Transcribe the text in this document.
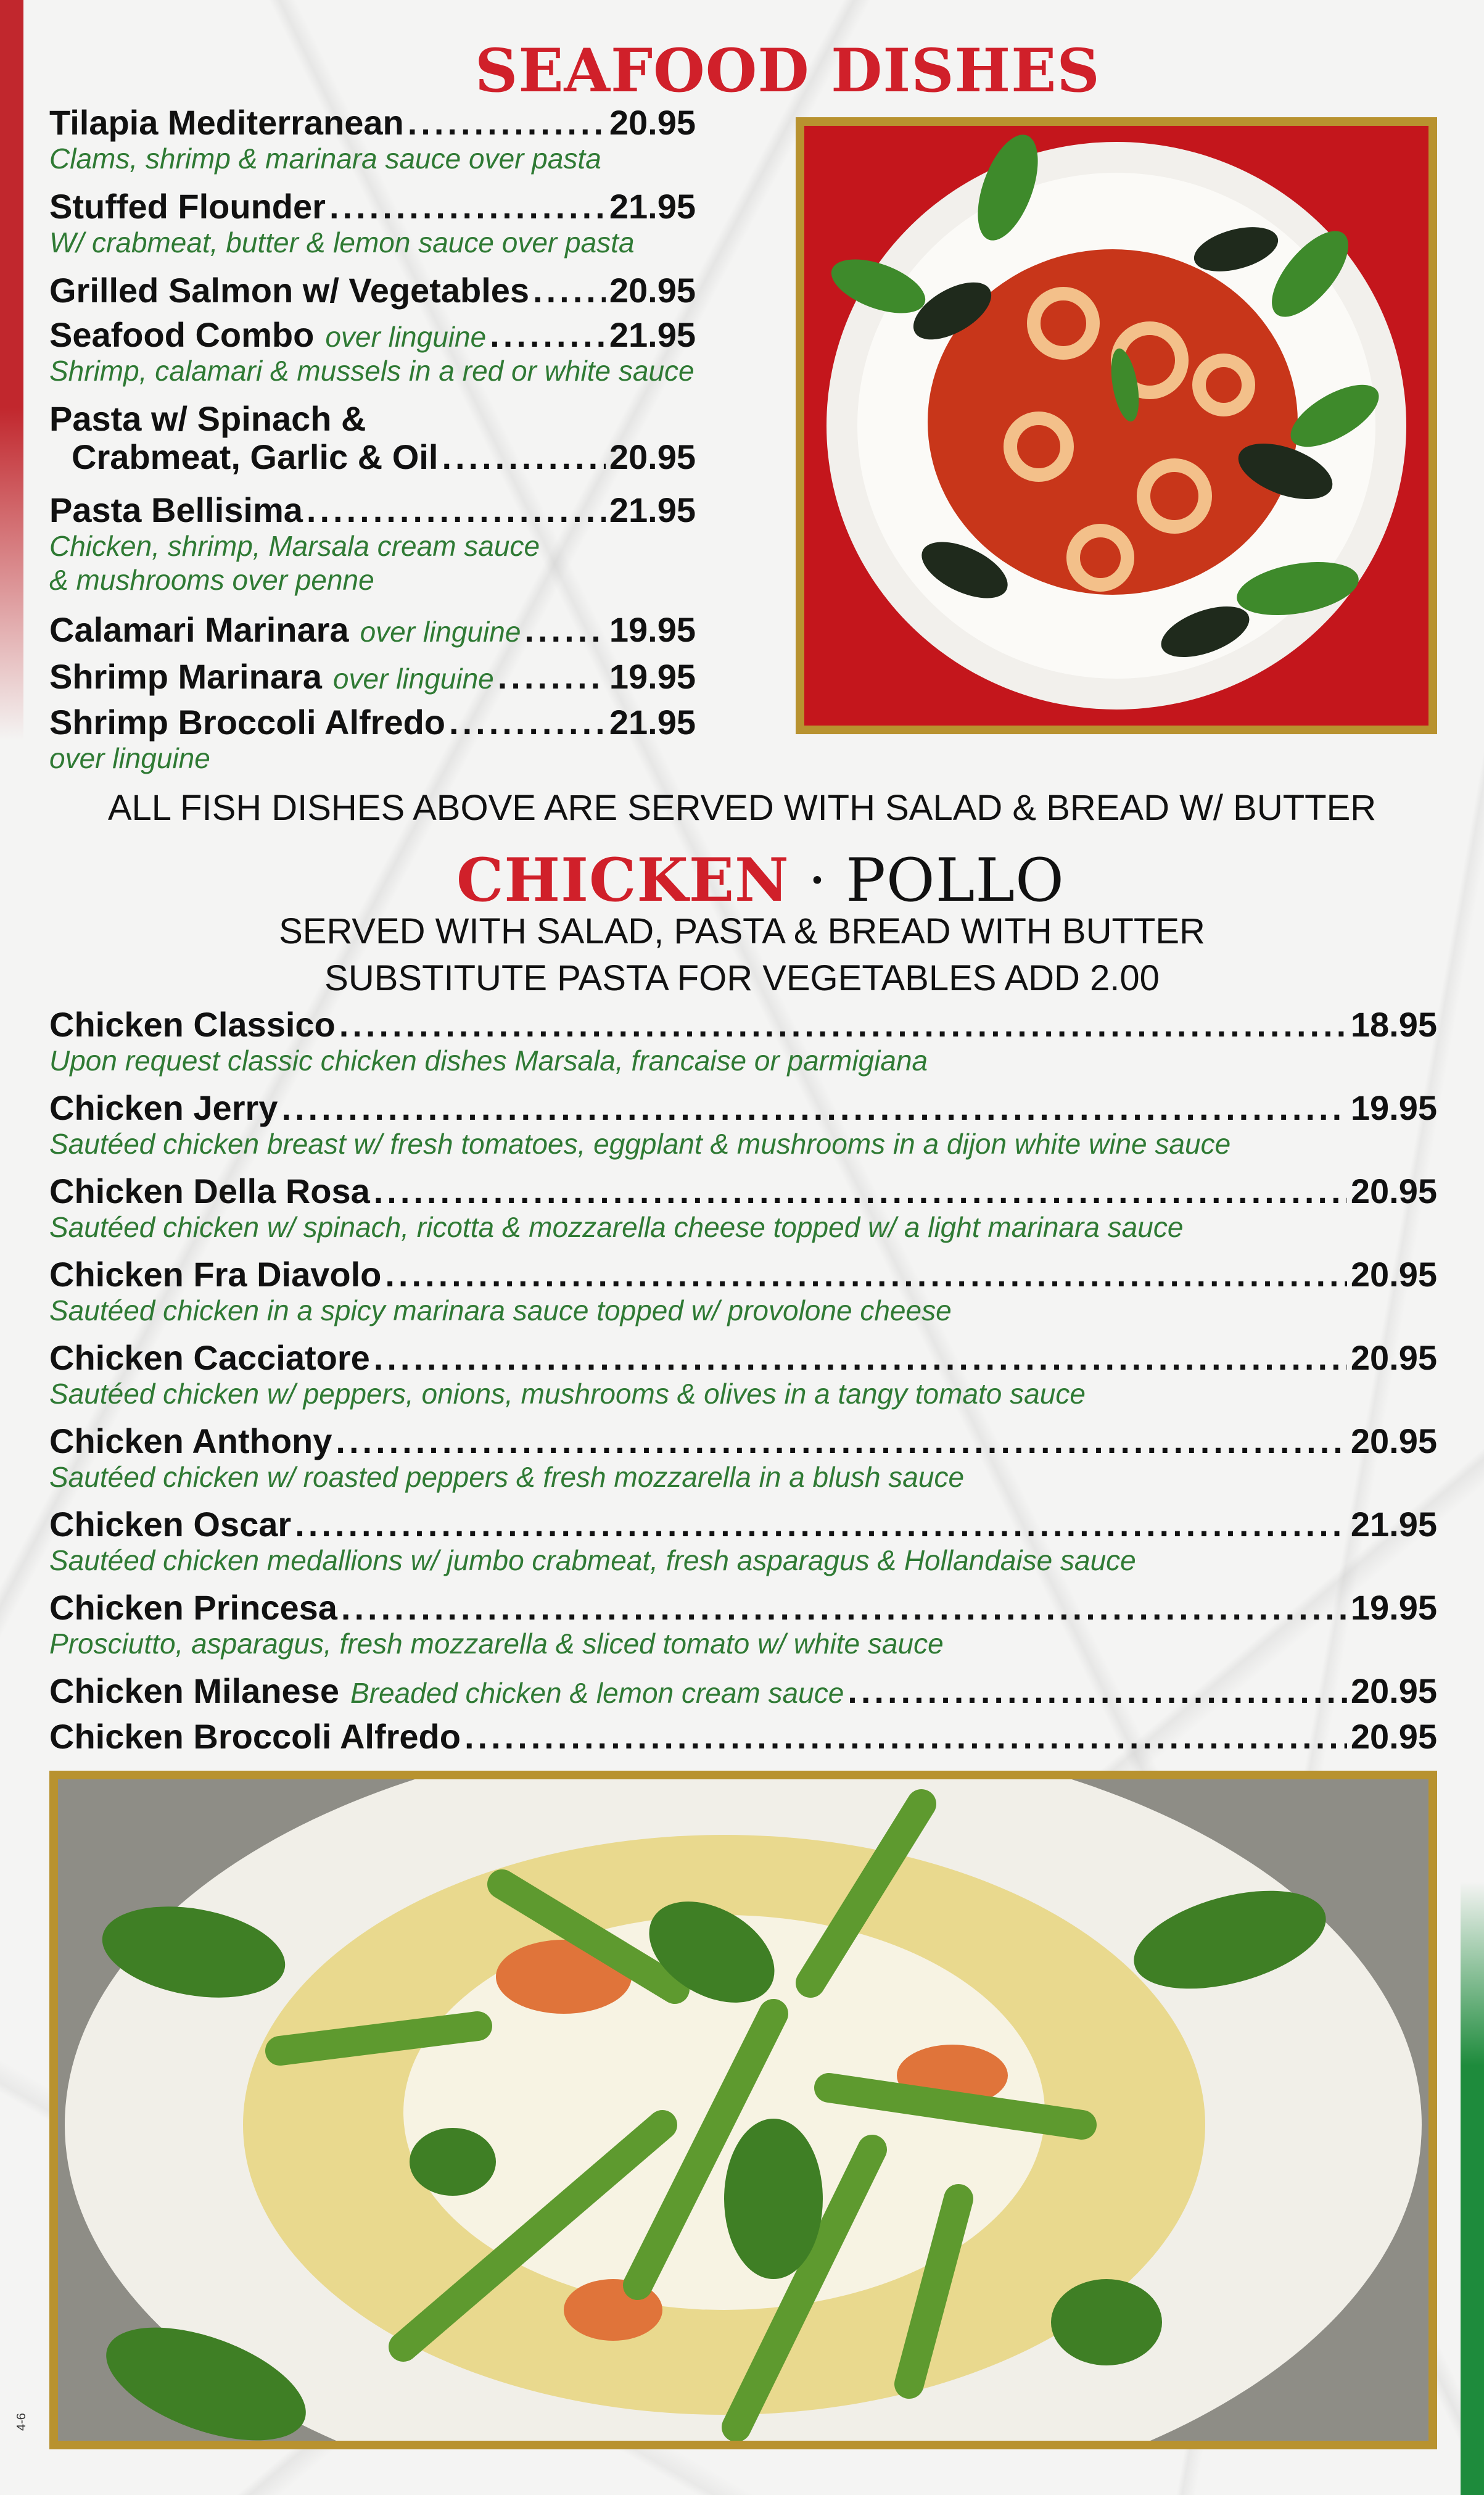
SEAFOOD DISHES
Tilapia Mediterranean .....	20.95
Clams, shrimp & marinara sauce over pasta
Stuffed Flounder .....	21.95
W/ crabmeat, butter & lemon sauce over pasta
Grilled Salmon w/ Vegetables ..... 20.95
Seafood Combo over linguine .....	21.95
Shrimp, calamari & mussels in a red or white sauce
Pasta w/ Spinach &
Crabmeat, Garlic & Oil .....	20.95
Pasta Bellisima .....	21.95
Chicken, shrimp, Marsala cream sauce
& mushrooms over penne
Calamari Marinara over linguine .....	19.95
Shrimp Marinara over linguine .....	19.95
Shrimp Broccoli Alfredo .....	21.95
over linguine
ALL FISH DISHES ABOVE ARE SERVED WITH SALAD & BREAD W/ BUTTER
CHICKEN · POLLO
SERVED WITH SALAD, PASTA & BREAD WITH BUTTER
SUBSTITUTE PASTA FOR VEGETABLES ADD 2.00
Chicken Classico .....	18.95
Upon request classic chicken dishes Marsala, francaise or parmigiana
Chicken Jerry .....	19.95
Sautéed chicken breast w/ fresh tomatoes, eggplant & mushrooms in a dijon white wine sauce
Chicken Della Rosa .....	20.95
Sautéed chicken w/ spinach, ricotta & mozzarella cheese topped w/ a light marinara sauce
Chicken Fra Diavolo .....	20.95
Sautéed chicken in a spicy marinara sauce topped w/ provolone cheese
Chicken Cacciatore .....	20.95
Sautéed chicken w/ peppers, onions, mushrooms & olives in a tangy tomato sauce
Chicken Anthony .....	20.95
Sautéed chicken w/ roasted peppers & fresh mozzarella in a blush sauce
Chicken Oscar .....	21.95
Sautéed chicken medallions w/ jumbo crabmeat, fresh asparagus & Hollandaise sauce
Chicken Princesa .....	19.95
Prosciutto, asparagus, fresh mozzarella & sliced tomato w/ white sauce
Chicken Milanese Breaded chicken & lemon cream sauce .....	20.95
Chicken Broccoli Alfredo .....	20.95
4-6
